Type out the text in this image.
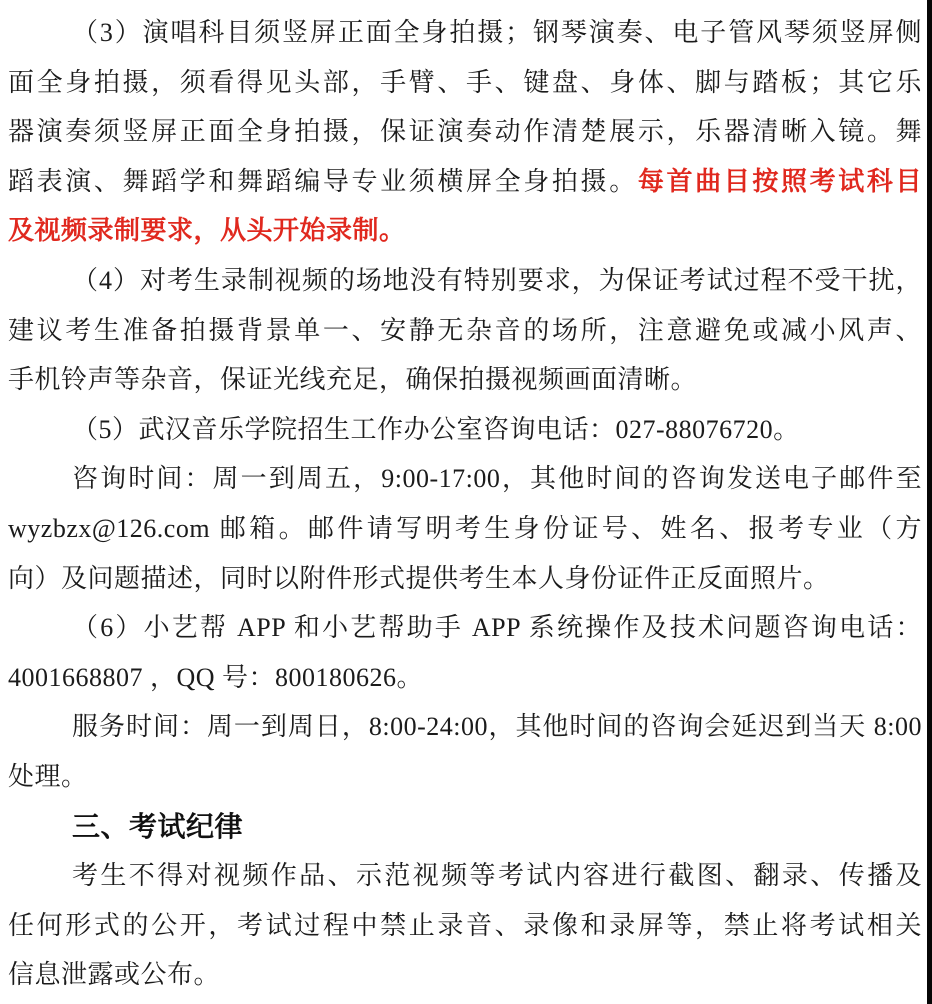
（3）演唱科目须竖屏正面全身拍摄；钢琴演奏、电子管风琴须竖屏侧
面全身拍摄，须看得见头部，手臂、手、键盘、身体、脚与踏板；其它乐
器演奏须竖屏正面全身拍摄，保证演奏动作清楚展示，乐器清晰入镜。舞
蹈表演、舞蹈学和舞蹈编导专业须横屏全身拍摄。每首曲目按照考试科目
及视频录制要求，从头开始录制。
（4）对考生录制视频的场地没有特别要求，为保证考试过程不受干扰，
建议考生准备拍摄背景单一、安静无杂音的场所，注意避免或减小风声、
手机铃声等杂音，保证光线充足，确保拍摄视频画面清晰。
（5）武汉音乐学院招生工作办公室咨询电话：027-88076720。
咨询时间：周一到周五，9:00-17:00，其他时间的咨询发送电子邮件至
wyzbzx@126.com 邮箱。邮件请写明考生身份证号、姓名、报考专业（方
向）及问题描述，同时以附件形式提供考生本人身份证件正反面照片。
（6）小艺帮 APP 和小艺帮助手 APP 系统操作及技术问题咨询电话：
4001668807 ，QQ 号：800180626。
服务时间：周一到周日，8:00-24:00，其他时间的咨询会延迟到当天 8:00
处理。
三、考试纪律
考生不得对视频作品、示范视频等考试内容进行截图、翻录、传播及
任何形式的公开，考试过程中禁止录音、录像和录屏等，禁止将考试相关
信息泄露或公布。
